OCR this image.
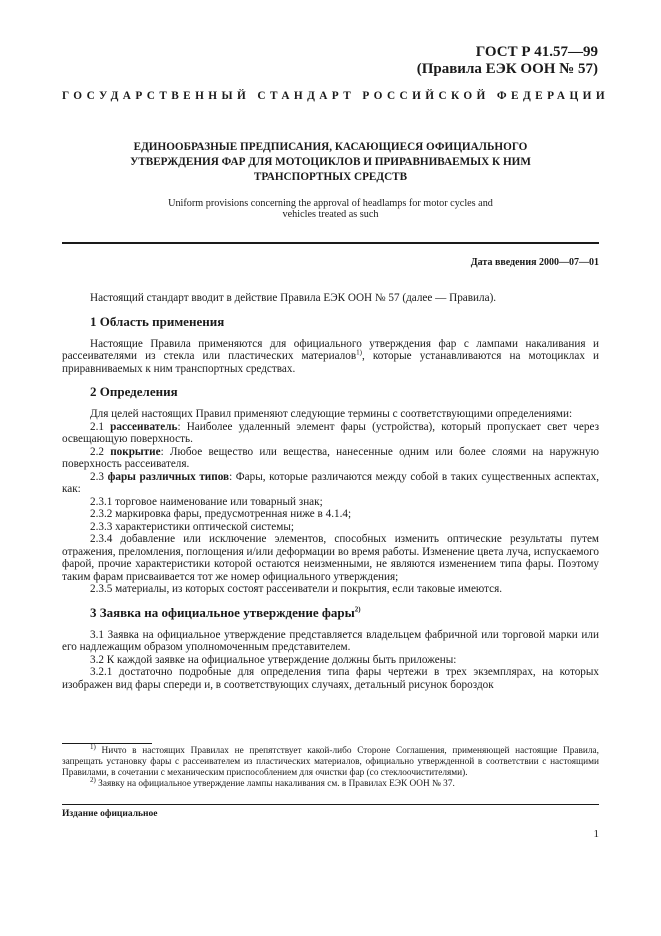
ГОСТ Р 41.57—99
(Правила ЕЭК ООН № 57)
ГОСУДАРСТВЕННЫЙ СТАНДАРТ РОССИЙСКОЙ ФЕДЕРАЦИИ
ЕДИНООБРАЗНЫЕ ПРЕДПИСАНИЯ, КАСАЮЩИЕСЯ ОФИЦИАЛЬНОГО
УТВЕРЖДЕНИЯ ФАР ДЛЯ МОТОЦИКЛОВ И ПРИРАВНИВАЕМЫХ К НИМ
ТРАНСПОРТНЫХ СРЕДСТВ
Uniform provisions concerning the approval of headlamps for motor cycles and
vehicles treated as such
Дата введения 2000—07—01

Настоящий стандарт вводит в действие Правила ЕЭК ООН № 57 (далее — Правила).

1 Область применения

Настоящие Правила применяются для официального утверждения фар с лампами накаливания и рассеивателями из стекла или пластических материалов$^{1)}$, которые устанавливаются на мотоциклах и приравниваемых к ним транспортных средствах.

2 Определения

Для целей настоящих Правил применяют следующие термины с соответствующими определениями:

2.1 рассеиватель: Наиболее удаленный элемент фары (устройства), который пропускает свет через освещающую поверхность.

2.2 покрытие: Любое вещество или вещества, нанесенные одним или более слоями на наружную поверхность рассеивателя.

2.3 фары различных типов: Фары, которые различаются между собой в таких существенных аспектах, как:

2.3.1 торговое наименование или товарный знак;

2.3.2 маркировка фары, предусмотренная ниже в 4.1.4;

2.3.3 характеристики оптической системы;

2.3.4 добавление или исключение элементов, способных изменить оптические результаты путем отражения, преломления, поглощения и/или деформации во время работы. Изменение цвета луча, испускаемого фарой, прочие характеристики которой остаются неизменными, не являются изменением типа фары. Поэтому таким фарам присваивается тот же номер официального утверждения;

2.3.5 материалы, из которых состоят рассеиватели и покрытия, если таковые имеются.

3 Заявка на официальное утверждение фары$^{2)}$

3.1 Заявка на официальное утверждение представляется владельцем фабричной или торговой марки или его надлежащим образом уполномоченным представителем.

3.2 К каждой заявке на официальное утверждение должны быть приложены:

3.2.1 достаточно подробные для определения типа фары чертежи в трех экземплярах, на которых изображен вид фары спереди и, в соответствующих случаях, детальный рисунок бороздок

$^{1)}$ Ничто в настоящих Правилах не препятствует какой-либо Стороне Соглашения, применяющей настоящие Правила, запрещать установку фары с рассеивателем из пластических материалов, официально утвержденной в соответствии с настоящими Правилами, в сочетании с механическим приспособлением для очистки фар (со стеклоочистителями).

$^{2)}$ Заявку на официальное утверждение лампы накаливания см. в Правилах ЕЭК ООН № 37.

Издание официальное
1
